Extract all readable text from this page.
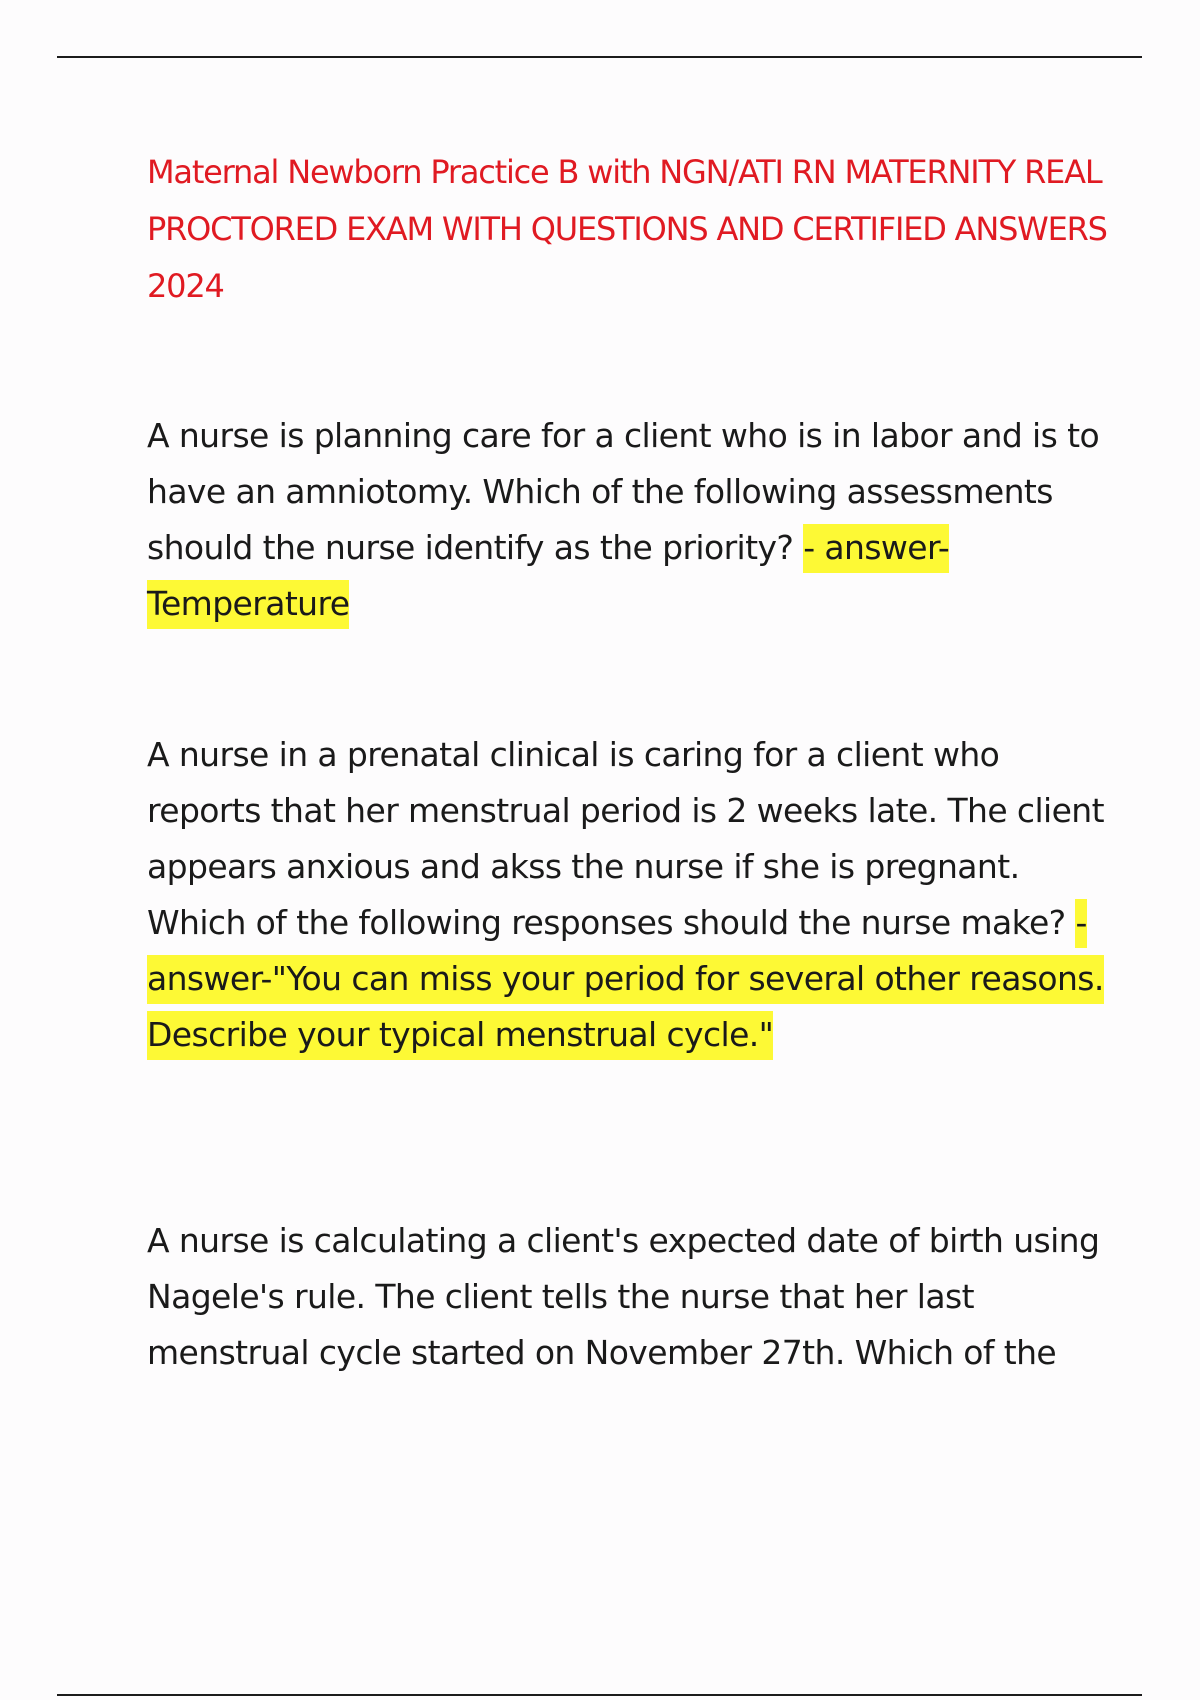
Maternal Newborn Practice B with NGN/ATI RN MATERNITY REAL PROCTORED EXAM WITH QUESTIONS AND CERTIFIED ANSWERS 2024

A nurse is planning care for a client who is in labor and is to have an amniotomy. Which of the following assessments should the nurse identify as the priority? - answer-Temperature

A nurse in a prenatal clinical is caring for a client who reports that her menstrual period is 2 weeks late. The client appears anxious and akss the nurse if she is pregnant. Which of the following responses should the nurse make? - answer-"You can miss your period for several other reasons. Describe your typical menstrual cycle."

A nurse is calculating a client's expected date of birth using Nagele's rule. The client tells the nurse that her last menstrual cycle started on November 27th. Which of the
